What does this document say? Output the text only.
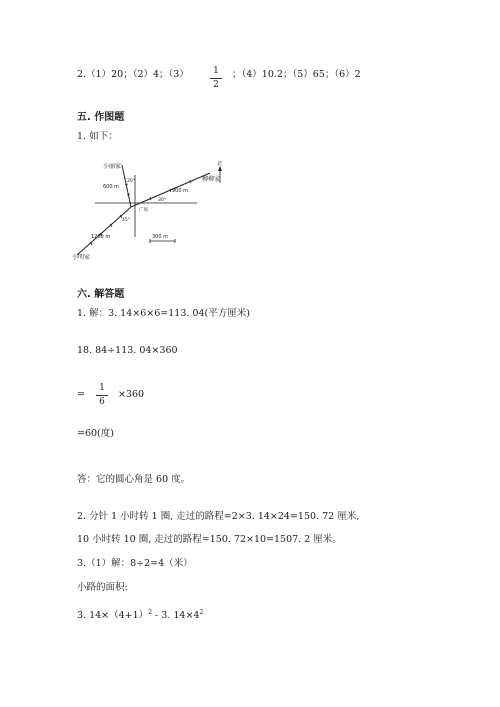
2.（1）20；（2）4；（3）	1
2
；（4）10.2；（5）65；（6）2
五. 作图题
1. 如下：
小丽家
600 m
20°	柳柳家
900 m
30°
北
广场
45°
1200 m	300 m
小明家
六. 解答题
1. 解：3. 14×6×6=113. 04(平方厘米)
18. 84÷113. 04×360
=
1
6
×360
=60(度)
答：它的圆心角是 60 度。
2. 分针 1 小时转 1 圈, 走过的路程=2×3. 14×24=150. 72 厘米,
10 小时转 10 圈, 走过的路程=150. 72×10=1507. 2 厘米。
3.（1）解：8÷2=4（米）
小路的面积:
3. $14\times(4+1)^2 - 3$. $14\times 4^2$
